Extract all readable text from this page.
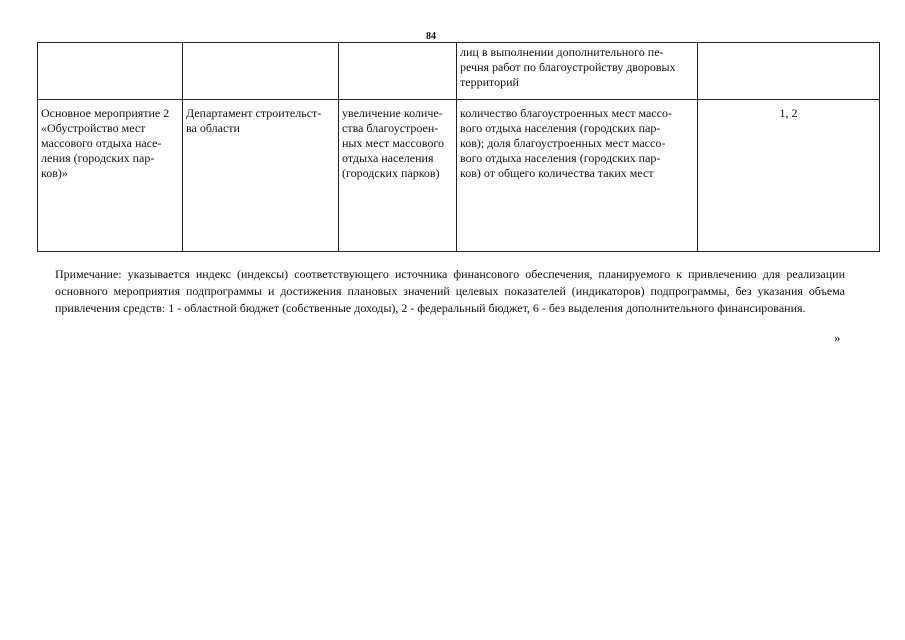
84
			лиц в выполнении дополнительного пе-
речня работ по благоустройству дворовых
территорий	
Основное мероприятие 2
«Обустройство мест
массового отдыха насе-
ления (городских пар-
ков)»	Департамент строительст-
ва области	увеличение количе-
ства благоустроен-
ных мест массового
отдыха населения
(городских парков)	количество благоустроенных мест массо-
вого отдыха населения (городских пар-
ков); доля благоустроенных мест массо-
вого отдыха населения (городских пар-
ков) от общего количества таких мест	1, 2
Примечание: указывается индекс (индексы) соответствующего источника финансового обеспечения, планируемого к привлечению для реализации основного мероприятия подпрограммы и достижения плановых значений целевых показателей (индикаторов) подпрограммы, без указания объема привлечения средств: 1 - областной бюджет (собственные доходы), 2 - федеральный бюджет, 6 - без выделения дополнительного финансирования.
»
